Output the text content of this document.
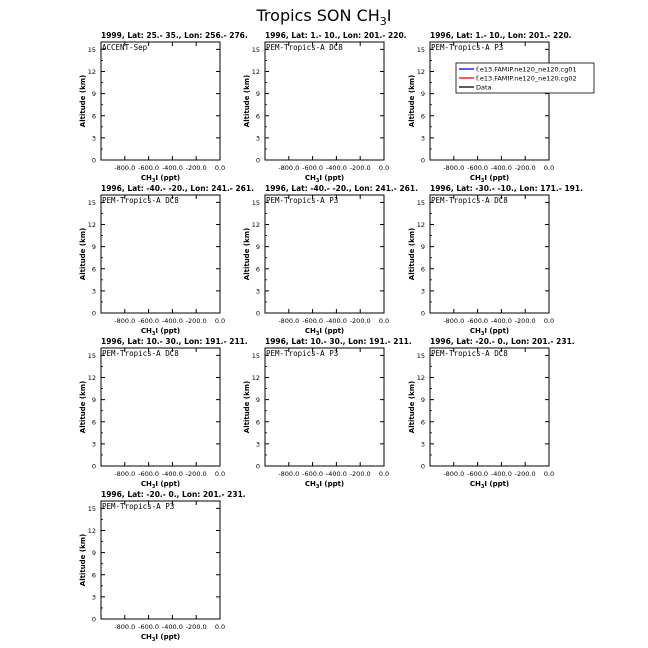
Tropics SON $CH_3I$
1999, Lat: 25.- 35., Lon: 256.- 276.
ACCENT-Sep
0
3
6
9
12
15
-800.0 -600.0 -400.0 -200.0 0.0
Altitude (km)
$CH_3I$ (ppt)
1996, Lat: 1.- 10., Lon: 201.- 220.
PEM-Tropics-A DC8
0
3
6
9
12
15
-800.0 -600.0 -400.0 -200.0 0.0
Altitude (km)
$CH_3I$ (ppt)
1996, Lat: 1.- 10., Lon: 201.- 220.
PEM-Tropics-A P3
0
3
6
9
12
15
-800.0 -600.0 -400.0 -200.0 0.0
Altitude (km)
$CH_3I$ (ppt)
1996, Lat: -40.- -20., Lon: 241.- 261.
PEM-Tropics-A DC8
0
3
6
9
12
15
-800.0 -600.0 -400.0 -200.0 0.0
Altitude (km)
$CH_3I$ (ppt)
1996, Lat: -40.- -20., Lon: 241.- 261.
PEM-Tropics-A P3
0
3
6
9
12
15
-800.0 -600.0 -400.0 -200.0 0.0
Altitude (km)
$CH_3I$ (ppt)
1996, Lat: -30.- -10., Lon: 171.- 191.
PEM-Tropics-A DC8
0
3
6
9
12
15
-800.0 -600.0 -400.0 -200.0 0.0
Altitude (km)
$CH_3I$ (ppt)
1996, Lat: 10.- 30., Lon: 191.- 211.
PEM-Tropics-A DC8
0
3
6
9
12
15
-800.0 -600.0 -400.0 -200.0 0.0
Altitude (km)
$CH_3I$ (ppt)
1996, Lat: 10.- 30., Lon: 191.- 211.
PEM-Tropics-A P3
0
3
6
9
12
15
-800.0 -600.0 -400.0 -200.0 0.0
Altitude (km)
$CH_3I$ (ppt)
1996, Lat: -20.- 0., Lon: 201.- 231.
PEM-Tropics-A DC8
0
3
6
9
12
15
-800.0 -600.0 -400.0 -200.0 0.0
Altitude (km)
$CH_3I$ (ppt)
1996, Lat: -20.- 0., Lon: 201.- 231.
PEM-Tropics-A P3
0
3
6
9
12
15
-800.0 -600.0 -400.0 -200.0 0.0
Altitude (km)
$CH_3I$ (ppt)
f.e13.FAMIP.ne120_ne120.cg01
f.e13.FAMIP.ne120_ne120.cg02
Data
